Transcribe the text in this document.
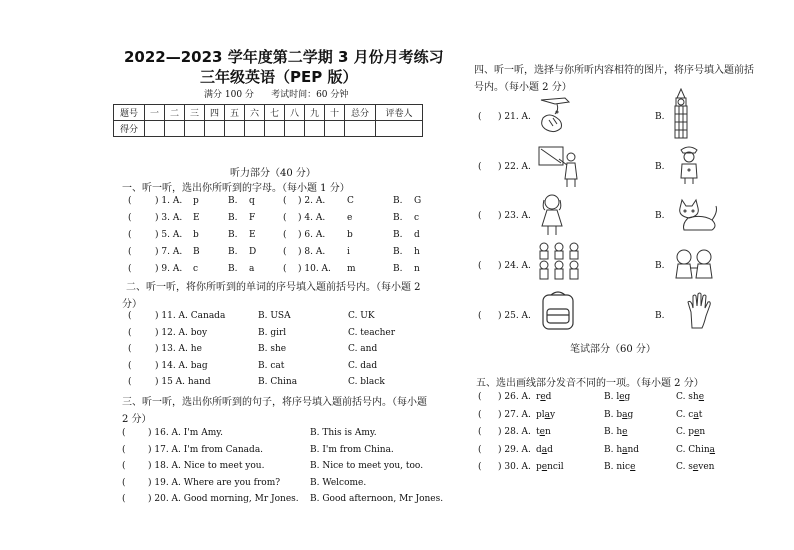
2022—2023 学年度第二学期 3 月份月考练习
三年级英语（PEP 版）
满分 100 分      考试时间：60 分钟
题号	一	二	三	四	五	六	七	八	九	十	总分	评卷人
得分												
听力部分（40 分）
一、听一听，选出你所听到的字母。（每小题 1 分）
(	) 1. A. p	B. q	( ) 2. A. C	B. G
(	) 3. A. E	B. F	( ) 4. A. e	B. c
(	) 5. A. b	B. E	( ) 6. A. b	B. d
(	) 7. A. B	B. D	( ) 8. A. i	B. h
(	) 9. A. c	B. a	( ) 10. A. m	B. n
二、听一听，将你所听到的单词的序号填入题前括号内。（每小题 2
分）
(	) 11. A. Canada	B. USA	C. UK
(	) 12. A. boy	B. girl	C. teacher
(	) 13. A. he	B. she	C. and
(	) 14. A. bag	B. cat	C. dad
(	) 15 A. hand	B. China	C. black
三、听一听，选出你所听到的句子，将序号填入题前括号内。（每小题
2 分）
( ) 16. A. I'm Amy.	B. This is Amy.
( ) 17. A. I'm from Canada.	B. I'm from China.
( ) 18. A. Nice to meet you.	B. Nice to meet you, too.
( ) 19. A. Where are you from?	B. Welcome.
( ) 20. A. Good morning, Mr Jones. B. Good afternoon, Mr Jones.
四、听一听，选择与你所听内容相符的图片，将序号填入题前括
号内。（每小题 2 分）
( ) 21. A.	B.
( ) 22. A.	B.
( ) 23. A.	B.
( ) 24. A.	B.
( ) 25. A.	B.
笔试部分（60 分）
五、选出画线部分发音不同的一项。（每小题 2 分）
( ) 26. A. red	B. leg	C. she
( ) 27. A. play	B. bag	C. cat
( ) 28. A. ten	B. he	C. pen
( ) 29. A. dad	B. hand	C. China
( ) 30. A. pencil	B. nice	C. seven
